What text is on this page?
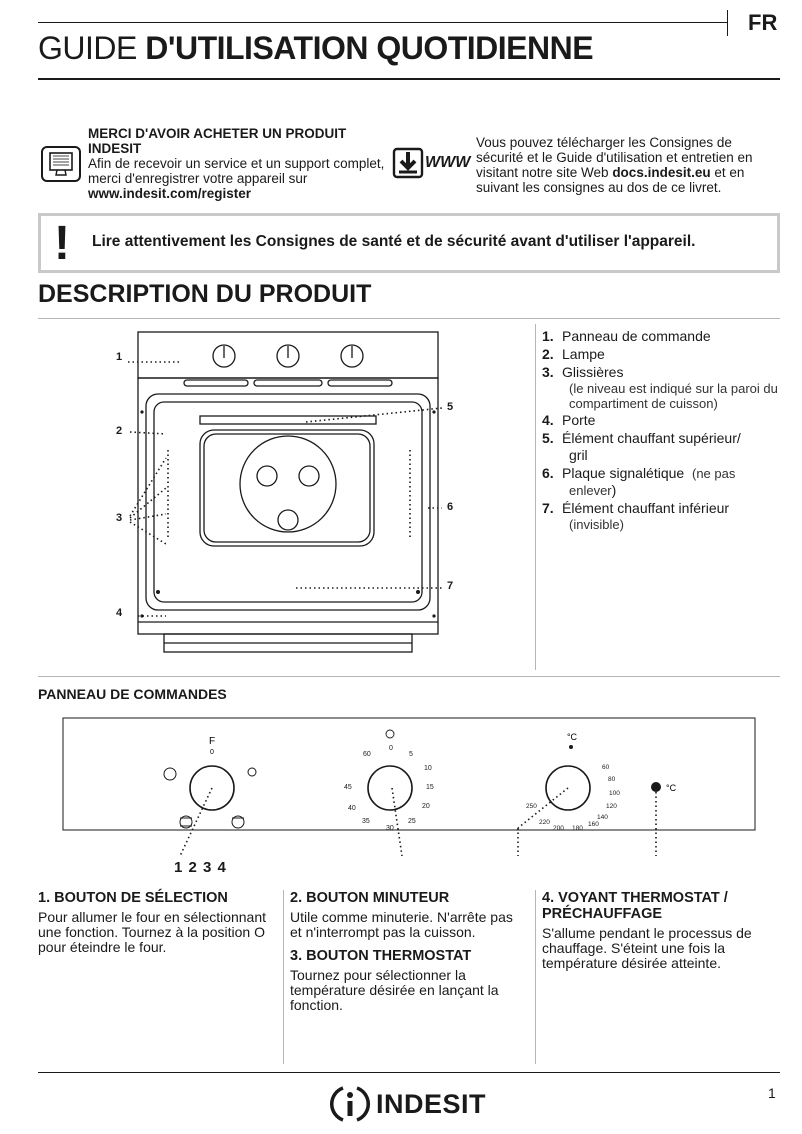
FR
GUIDE D'UTILISATION QUOTIDIENNE
MERCI D'AVOIR ACHETER UN PRODUIT INDESIT
Afin de recevoir un service et un support complet, merci d'enregistrer votre appareil sur www.indesit.com/register
WWW
Vous pouvez télécharger les Consignes de sécurité et le Guide d'utilisation et entretien en visitant notre site Web docs.indesit.eu et en suivant les consignes au dos de ce livret.
! Lire attentivement les Consignes de santé et de sécurité avant d'utiliser l'appareil.
DESCRIPTION DU PRODUIT
1
2
3
4
5
6
7
1. Panneau de commande
2. Lampe
3. Glissières
(le niveau est indiqué sur la paroi du compartiment de cuisson)
4. Porte
5. Élément chauffant supérieur/
gril
6. Plaque signalétique (ne pas
enlever)
7. Élément chauffant inférieur
(invisible)
PANNEAU DE COMMANDES
F
0
0
5
10
15
20
25
30
35
40
45
60
°C
60
80
100
120
140
160
180
200
220
250
°C
1 2 3 4
1. BOUTON DE SÉLECTION

Pour allumer le four en sélectionnant une fonction. Tournez à la position O pour éteindre le four.

2. BOUTON MINUTEUR

Utile comme minuterie. N'arrête pas et n'interrompt pas la cuisson.

3. BOUTON THERMOSTAT

Tournez pour sélectionner la température désirée en lançant la fonction.

4. VOYANT THERMOSTAT / PRÉCHAUFFAGE

S'allume pendant le processus de chauffage. S'éteint une fois la température désirée atteinte.

INDESIT	1
